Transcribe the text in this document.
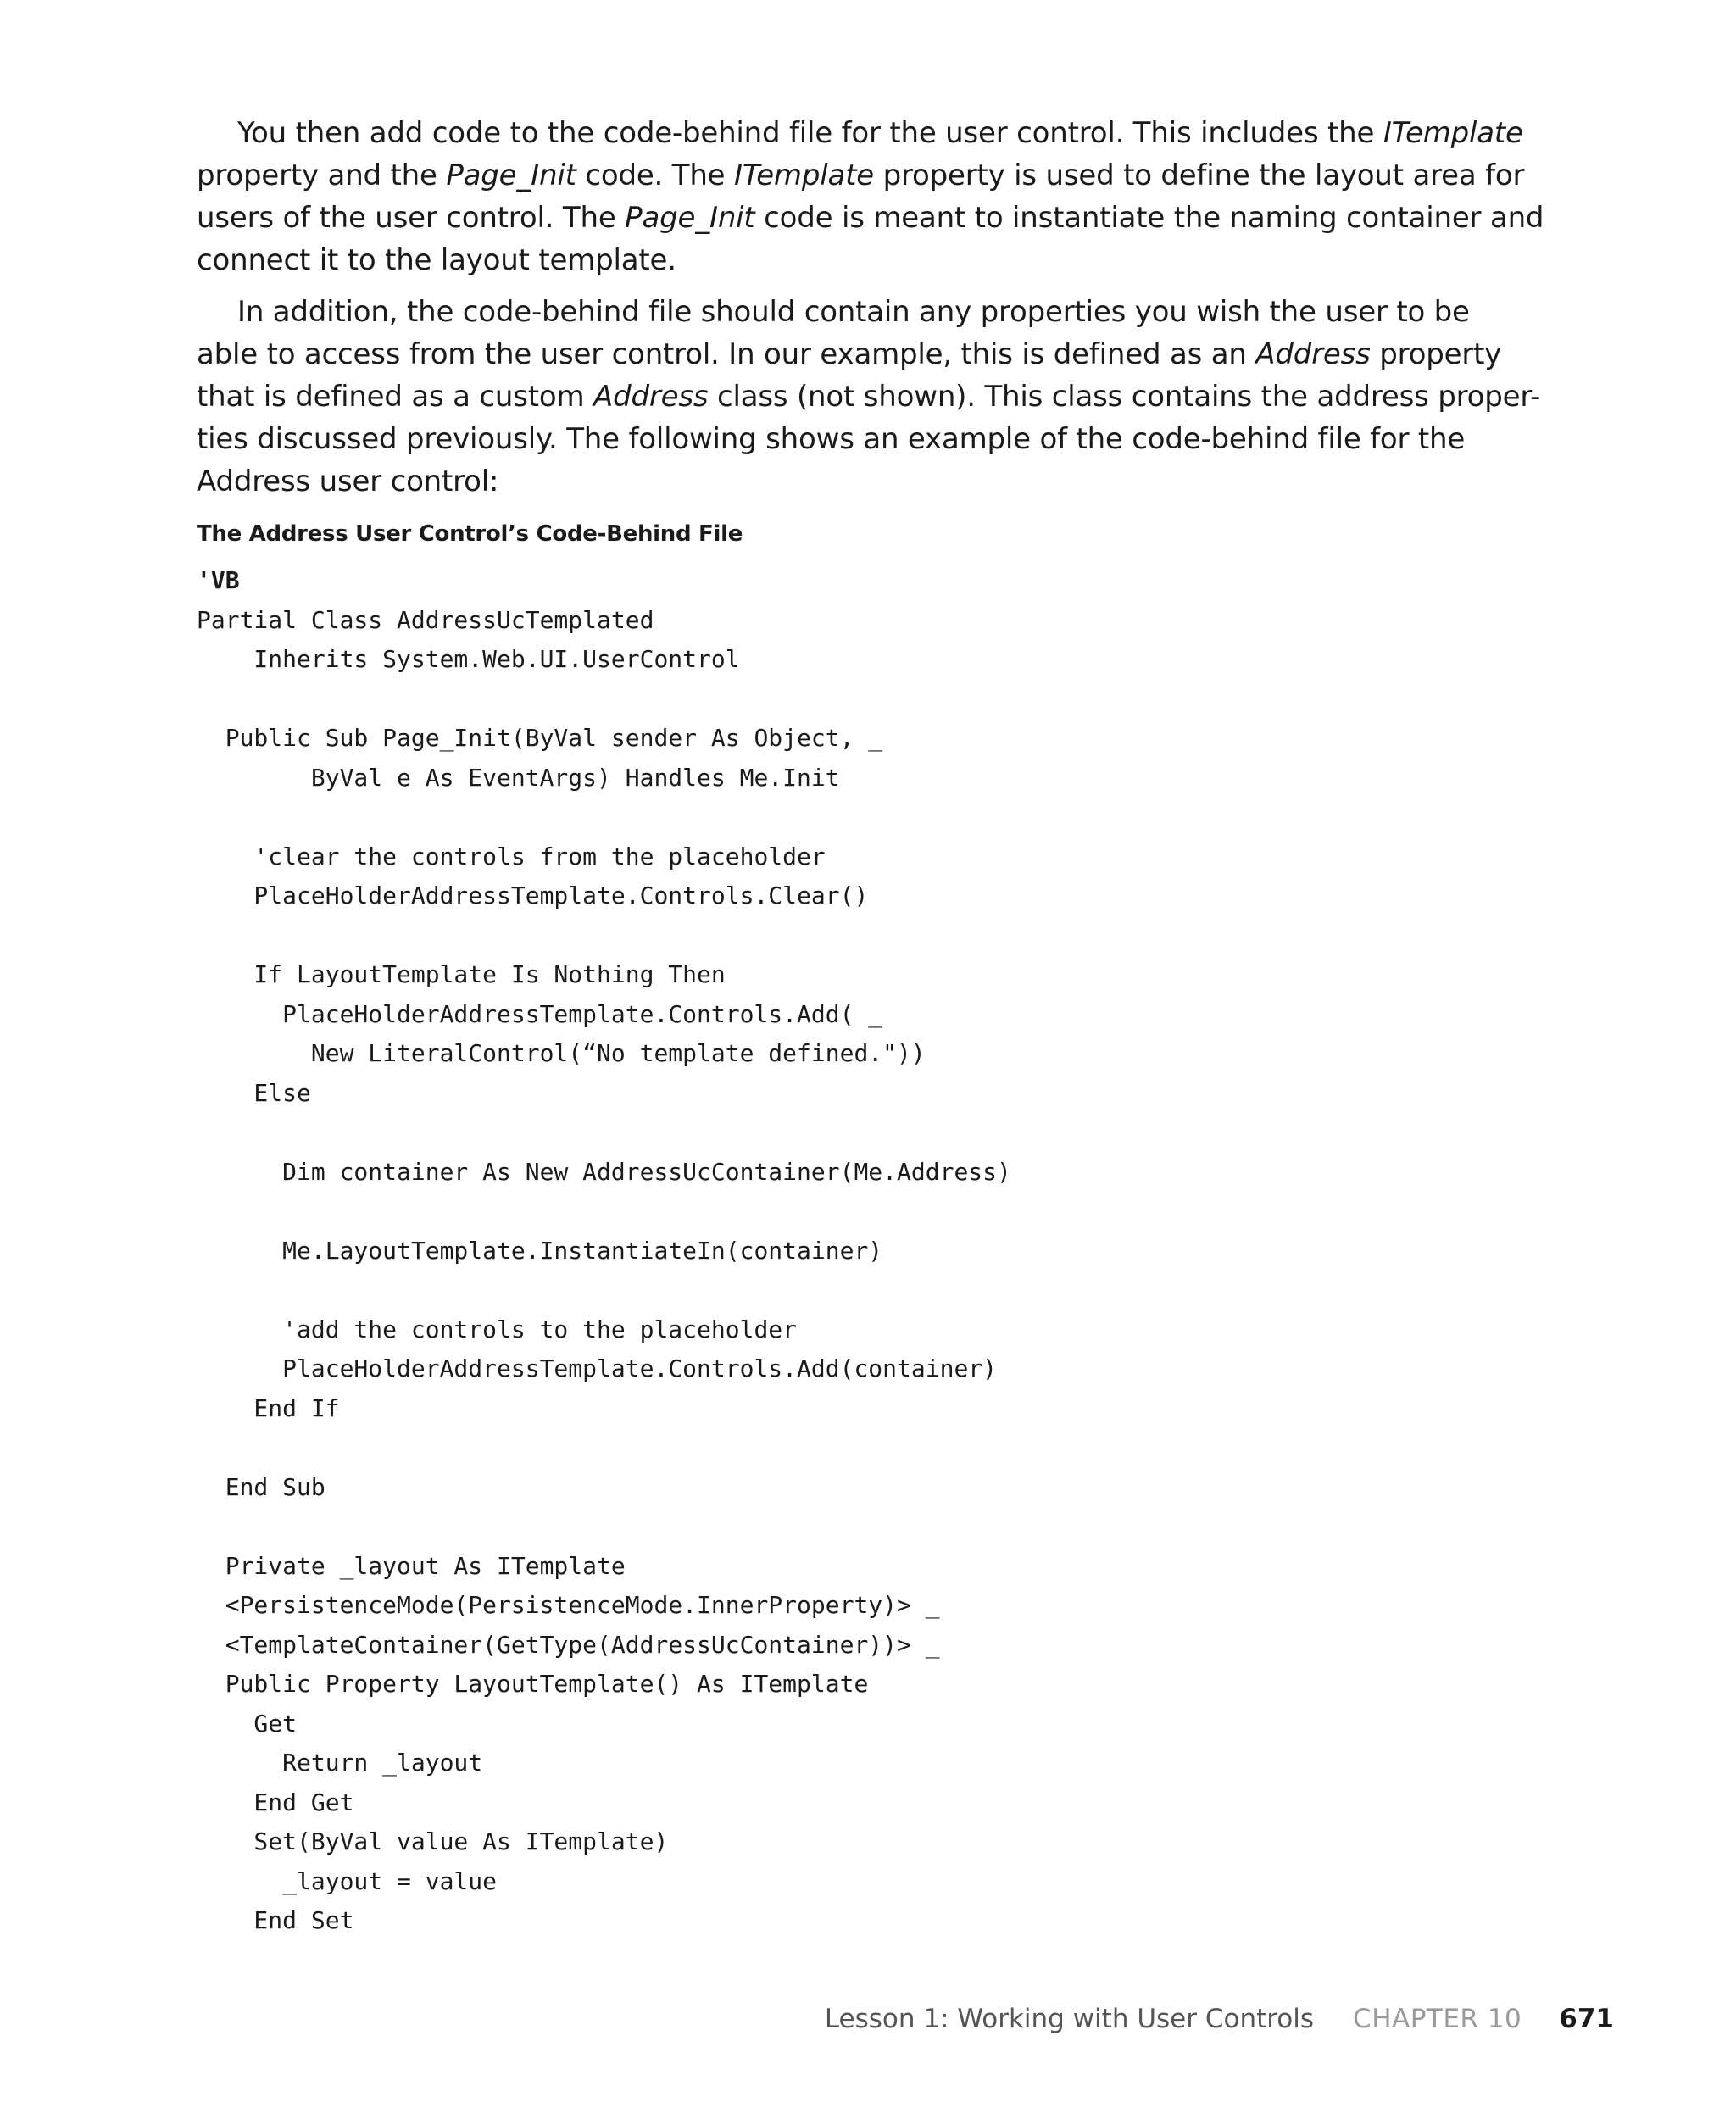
You then add code to the code-behind file for the user control. This includes the ITemplate
property and the Page_Init code. The ITemplate property is used to define the layout area for
users of the user control. The Page_Init code is meant to instantiate the naming container and
connect it to the layout template.

In addition, the code-behind file should contain any properties you wish the user to be
able to access from the user control. In our example, this is defined as an Address property
that is defined as a custom Address class (not shown). This class contains the address proper-
ties discussed previously. The following shows an example of the code-behind file for the
Address user control:

The Address User Control’s Code-Behind File

'VB
Partial Class AddressUcTemplated
Inherits System.Web.UI.UserControl
Public Sub Page_Init(ByVal sender As Object, _
ByVal e As EventArgs) Handles Me.Init
'clear the controls from the placeholder
PlaceHolderAddressTemplate.Controls.Clear()
If LayoutTemplate Is Nothing Then
PlaceHolderAddressTemplate.Controls.Add( _
New LiteralControl(“No template defined."))
Else
Dim container As New AddressUcContainer(Me.Address)
Me.LayoutTemplate.InstantiateIn(container)
'add the controls to the placeholder
PlaceHolderAddressTemplate.Controls.Add(container)
End If
End Sub
Private _layout As ITemplate
<PersistenceMode(PersistenceMode.InnerProperty)> _
<TemplateContainer(GetType(AddressUcContainer))> _
Public Property LayoutTemplate() As ITemplate
Get
Return _layout
End Get
Set(ByVal value As ITemplate)
_layout = value
End Set
Lesson 1: Working with User Controls CHAPTER 10 671
